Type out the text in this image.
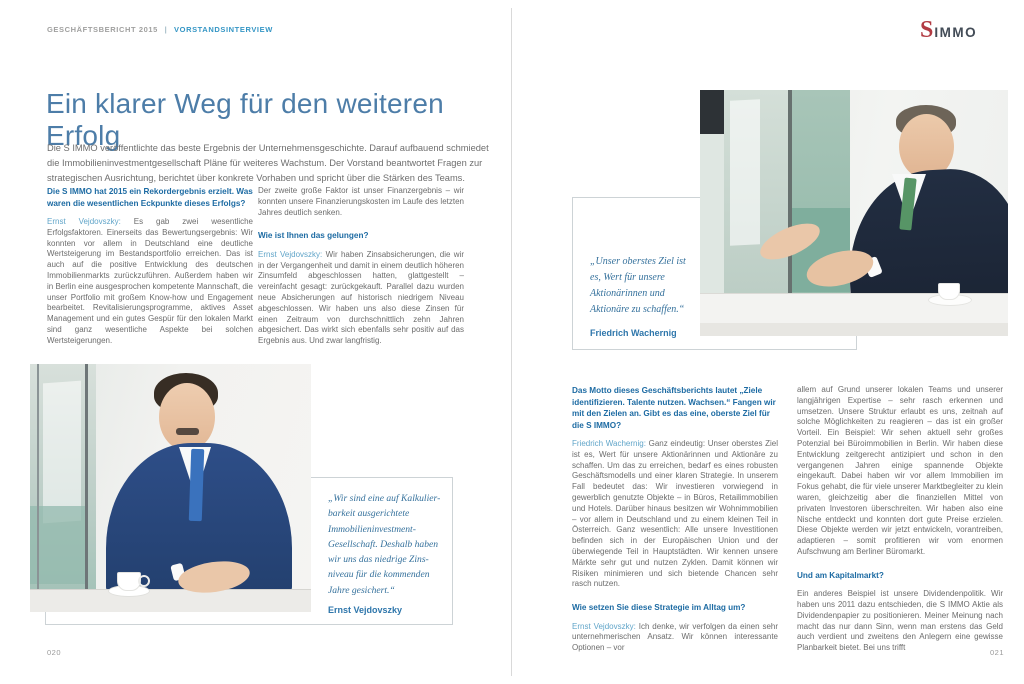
GESCHÄFTSBERICHT 2015 | VORSTANDSINTERVIEW
Ein klarer Weg für den weiteren Erfolg

Die S IMMO veröffentlichte das beste Ergebnis der Unternehmensgeschichte. Darauf aufbauend schmiedet die Immobilieninvestmentgesellschaft Pläne für weiteres Wachstum. Der Vorstand beantwortet Fragen zur strategischen Ausrichtung, berichtet über konkrete Vorhaben und spricht über die Stärken des Teams.

Die S IMMO hat 2015 ein Rekordergebnis erzielt. Was waren die wesentlichen Eckpunkte dieses Erfolgs?

Ernst Vejdovszky: Es gab zwei wesentliche Erfolgsfaktoren. Einerseits das Bewertungsergebnis: Wir konnten vor allem in Deutschland eine deutliche Wertsteigerung im Bestandsportfolio erreichen. Das ist auch auf die positive Entwicklung des deutschen Immobilienmarkts zurückzuführen. Außerdem haben wir in Berlin eine ausgesprochen kompetente Mannschaft, die unser Portfolio mit großem Know-how und Engagement bearbeitet. Revitalisierungsprogramme, aktives Asset Management und ein gutes Gespür für den lokalen Markt sind ganz wesentliche Aspekte bei solchen Wertsteigerungen.

Der zweite große Faktor ist unser Finanzergebnis – wir konnten unsere Finanzierungskosten im Laufe des letzten Jahres deutlich senken.

Wie ist Ihnen das gelungen?

Ernst Vejdovszky: Wir haben Zinsabsicherungen, die wir in der Vergangenheit und damit in einem deutlich höheren Zinsumfeld abgeschlossen hatten, glattgestellt – vereinfacht gesagt: zurückgekauft. Parallel dazu wurden neue Absicherungen auf historisch niedrigem Niveau abgeschlossen. Wir haben uns also diese Zinsen für einen Zeitraum von durchschnittlich zehn Jahren abgesichert. Das wirkt sich ebenfalls sehr positiv auf das Ergebnis aus. Und zwar langfristig.

„Wir sind eine auf Kalkulier-
barkeit ausgerichtete
Immobilieninvestment-
Gesellschaft. Deshalb haben
wir uns das niedrige Zins-
niveau für die kommenden
Jahre gesichert.“
Ernst Vejdovszky
020
S IMMO
„Unser oberstes Ziel ist
es, Wert für unsere
Aktionärinnen und
Aktionäre zu schaffen.“
Friedrich Wachernig

Das Motto dieses Geschäftsberichts lautet „Ziele identifizieren. Talente nutzen. Wachsen.“ Fangen wir mit den Zielen an. Gibt es das eine, oberste Ziel für die S IMMO?

Friedrich Wachernig: Ganz eindeutig: Unser oberstes Ziel ist es, Wert für unsere Aktionärinnen und Aktionäre zu schaffen. Um das zu erreichen, bedarf es eines robusten Geschäftsmodells und einer klaren Strategie. In unserem Fall bedeutet das: Wir investieren vorwiegend in gewerblich genutzte Objekte – in Büros, Retailimmobilien und Hotels. Darüber hinaus besitzen wir Wohnimmobilien – vor allem in Deutschland und zu einem kleinen Teil in Österreich. Ganz wesentlich: Alle unsere Investitionen befinden sich in der Europäischen Union und der überwiegende Teil in Hauptstädten. Wir kennen unsere Märkte sehr gut und nutzen Zyklen. Damit können wir Risiken minimieren und sich bietende Chancen sehr rasch nutzen.

Wie setzen Sie diese Strategie im Alltag um?

Ernst Vejdovszky: Ich denke, wir verfolgen da einen sehr unternehmerischen Ansatz. Wir können interessante Optionen – vor

allem auf Grund unserer lokalen Teams und unserer langjährigen Expertise – sehr rasch erkennen und umsetzen. Unsere Struktur erlaubt es uns, zeitnah auf solche Möglichkeiten zu reagieren – das ist ein großer Vorteil. Ein Beispiel: Wir sehen aktuell sehr großes Potenzial bei Büroimmobilien in Berlin. Wir haben diese Entwicklung zeitgerecht antizipiert und schon in den vergangenen Jahren einige spannende Objekte eingekauft. Dabei haben wir vor allem Immobilien im Fokus gehabt, die für viele unserer Marktbegleiter zu klein waren, gleichzeitig aber die finanziellen Mittel von privaten Investoren überschreiten. Wir haben also eine Nische entdeckt und konnten dort gute Preise erzielen. Diese Objekte werden wir jetzt entwickeln, vorantreiben, adaptieren – somit profitieren wir vom enormen Aufschwung am Berliner Büromarkt.

Und am Kapitalmarkt?

Ein anderes Beispiel ist unsere Dividendenpolitik. Wir haben uns 2011 dazu entschieden, die S IMMO Aktie als Dividendenpapier zu positionieren. Meiner Meinung nach macht das nur dann Sinn, wenn man erstens das Geld auch verdient und zweitens den Anlegern eine gewisse Planbarkeit bietet. Bei uns trifft

021
